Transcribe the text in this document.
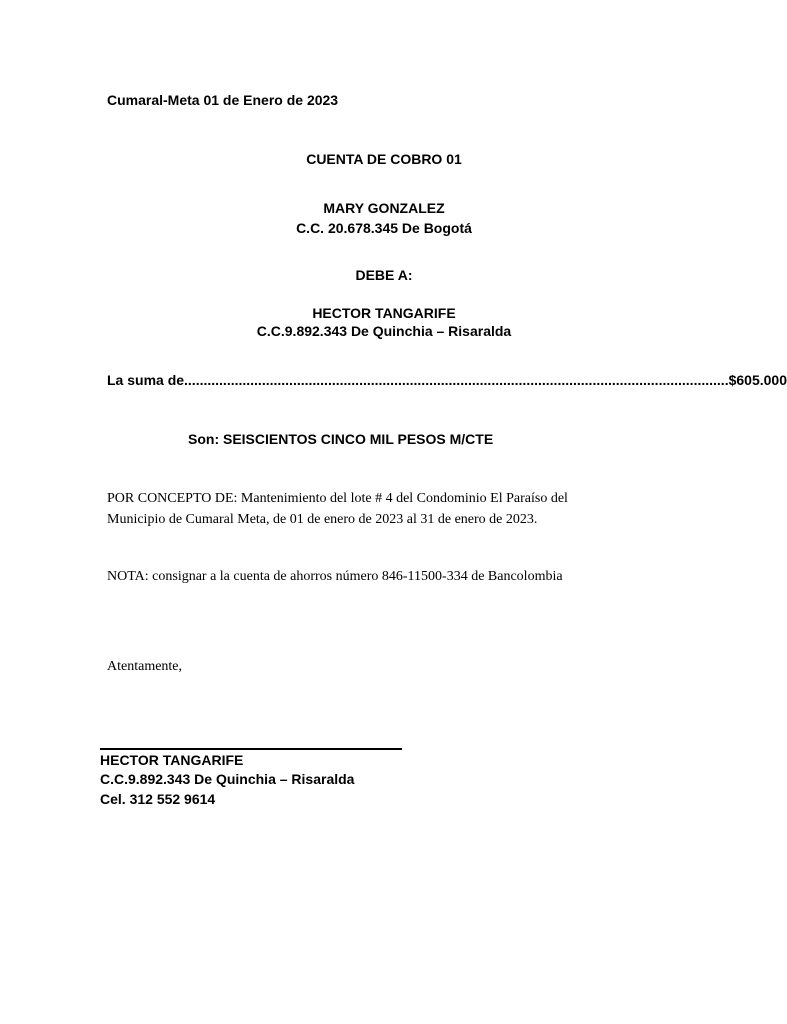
Cumaral-Meta 01 de Enero de 2023
CUENTA DE COBRO 01
MARY GONZALEZ
C.C. 20.678.345 De Bogotá
DEBE A:
HECTOR TANGARIFE
C.C.9.892.343 De Quinchia – Risaralda
La suma de ............................................................................................................................................ $605.000
Son: SEISCIENTOS CINCO MIL PESOS M/CTE
POR CONCEPTO DE: Mantenimiento del lote # 4 del Condominio El Paraíso del Municipio de Cumaral Meta, de 01 de enero de 2023 al 31 de enero de 2023.
NOTA: consignar a la cuenta de ahorros número 846-11500-334 de Bancolombia
Atentamente,
HECTOR TANGARIFE
C.C.9.892.343 De Quinchia – Risaralda
Cel. 312 552 9614
